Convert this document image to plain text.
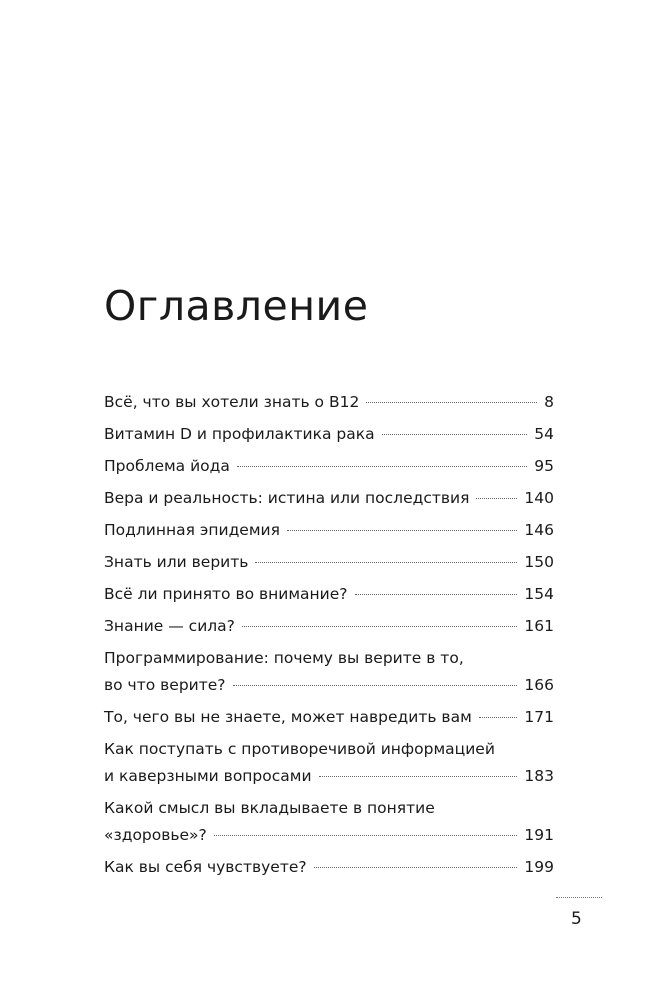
Оглавление
Всё, что вы хотели знать о B12	8
Витамин D и профилактика рака	54
Проблема йода	95
Вера и реальность: истина или последствия	140
Подлинная эпидемия	146
Знать или верить	150
Всё ли принято во внимание?	154
Знание — сила?	161
Программирование: почему вы верите в то,
во что верите?	166
То, чего вы не знаете, может навредить вам	171
Как поступать с противоречивой информацией
и каверзными вопросами	183
Какой смысл вы вкладываете в понятие
«здоровье»?	191
Как вы себя чувствуете?	199
5
